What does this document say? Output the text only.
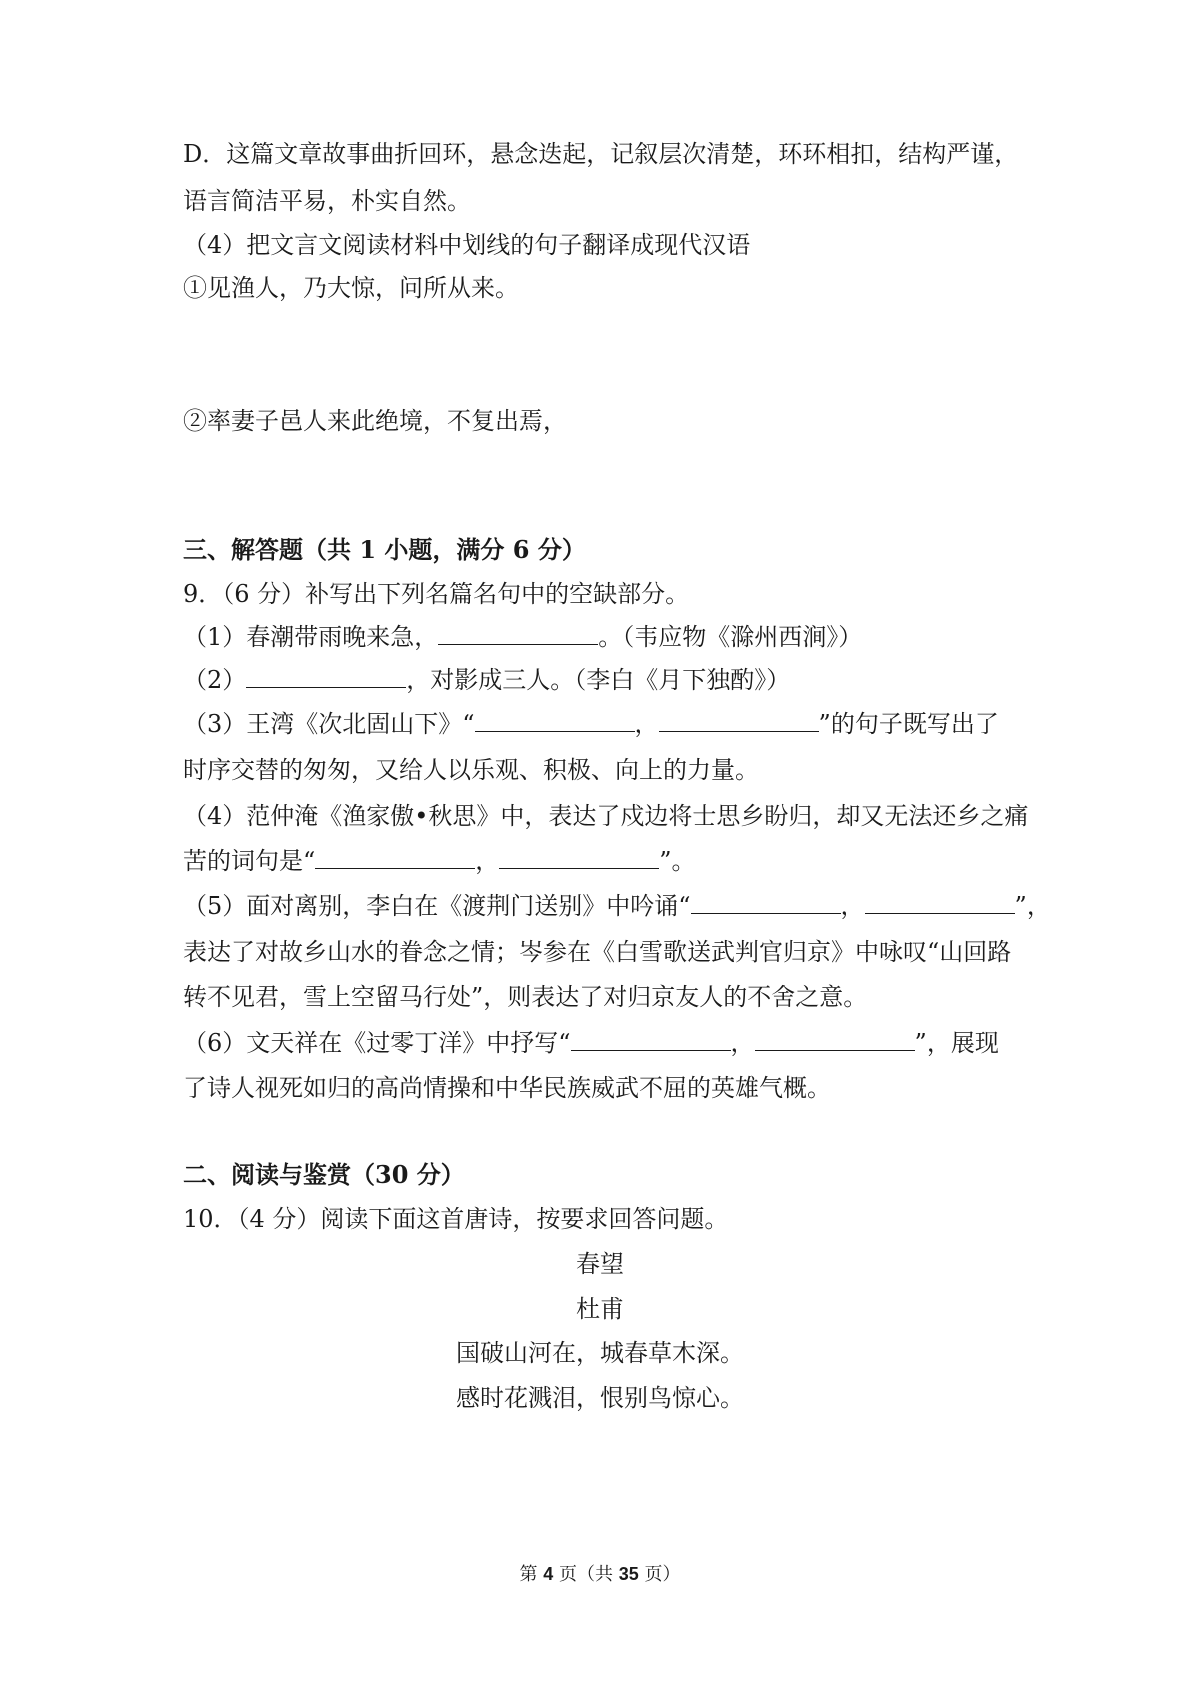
D．这篇文章故事曲折回环，悬念迭起，记叙层次清楚，环环相扣，结构严谨，
语言简洁平易，朴实自然。
（4）把文言文阅读材料中划线的句子翻译成现代汉语
①见渔人，乃大惊，问所从来。
②率妻子邑人来此绝境，不复出焉，
三、解答题（共 1 小题，满分 6 分）
9．（6 分）补写出下列名篇名句中的空缺部分。
（1）春潮带雨晚来急，	。（韦应物《滁州西涧》）
（2）	，对影成三人。（李白《月下独酌》）
（3）王湾《次北固山下》“	，	”的句子既写出了
时序交替的匆匆，又给人以乐观、积极、向上的力量。
（4）范仲淹《渔家傲•秋思》中，表达了戍边将士思乡盼归，却又无法还乡之痛
苦的词句是“	，	”。
（5）面对离别，李白在《渡荆门送别》中吟诵“	，	”，
表达了对故乡山水的眷念之情；岑参在《白雪歌送武判官归京》中咏叹“山回路
转不见君，雪上空留马行处”，则表达了对归京友人的不舍之意。
（6）文天祥在《过零丁洋》中抒写“	，	”，展现
了诗人视死如归的高尚情操和中华民族威武不屈的英雄气概。
二、阅读与鉴赏（30 分）
10．（4 分）阅读下面这首唐诗，按要求回答问题。
春望
杜甫
国破山河在，城春草木深。
感时花溅泪，恨别鸟惊心。
第 4 页（共 35 页）
